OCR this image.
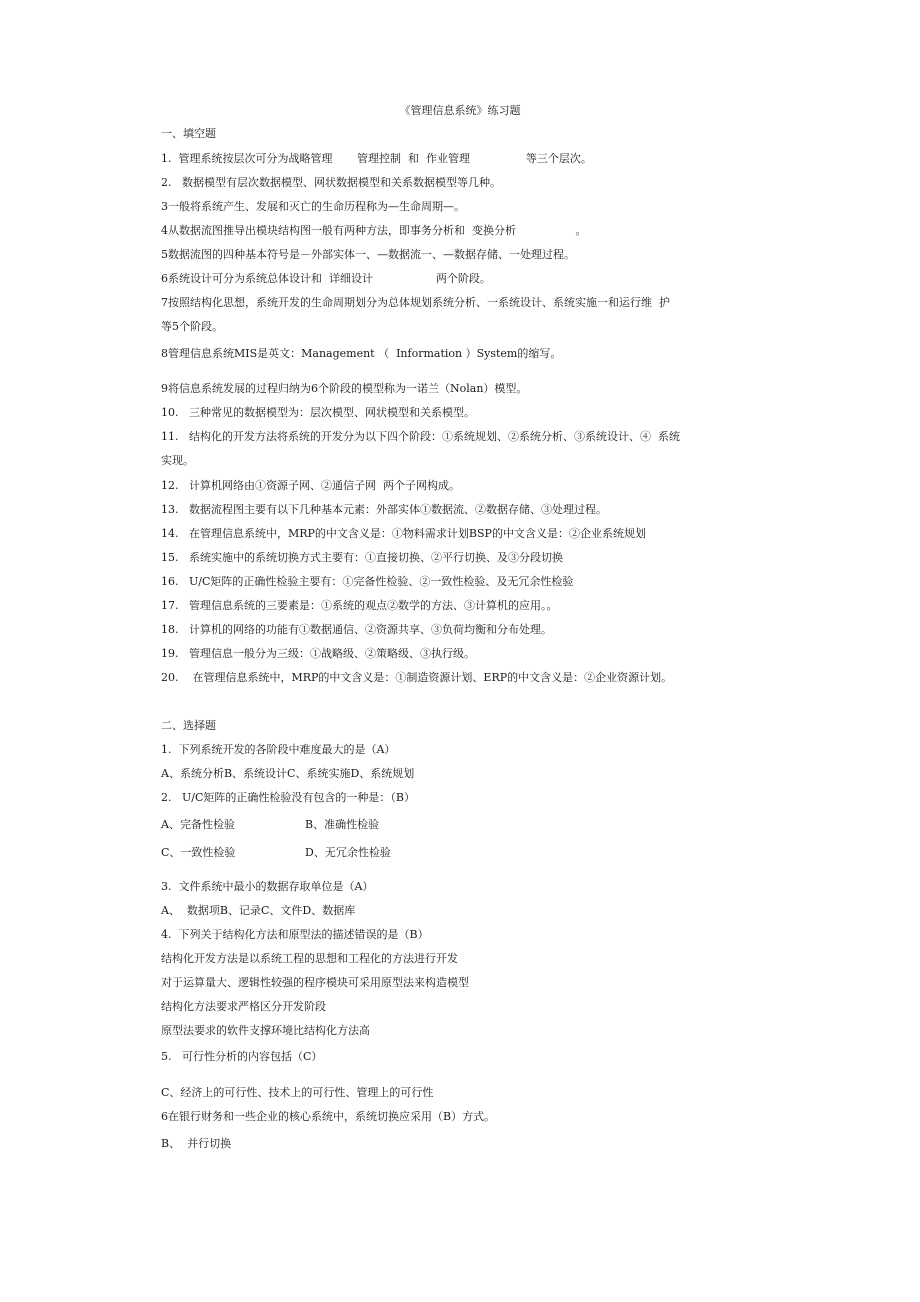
《管理信息系统》练习题
一、填空题
1.  管理系统按层次可分为战略管理       管理控制  和  作业管理                等三个层次。
2.   数据模型有层次数据模型、网状数据模型和关系数据模型等几种。
3一般将系统产生、发展和灭亡的生命历程称为—生命周期—。
4从数据流图推导出模块结构图一般有两种方法，即事务分析和  变换分析                 。
5数据流图的四种基本符号是－外部实体一、—数据流一、—数据存储、一处理过程。
6系统设计可分为系统总体设计和  详细设计                  两个阶段。
7按照结构化思想，系统开发的生命周期划分为总体规划系统分析、一系统设计、系统实施一和运行维  护
等5个阶段。
8管理信息系统MIS是英文：Management （  Information ）System的缩写。
9将信息系统发展的过程归纳为6个阶段的模型称为一诺兰（Nolan）模型。
10.   三种常见的数据模型为：层次模型、网状模型和关系模型。
11.   结构化的开发方法将系统的开发分为以下四个阶段：①系统规划、②系统分析、③系统设计、④  系统
实现。
12.   计算机网络由①资源子网、②通信子网  两个子网构成。
13.   数据流程图主要有以下几种基本元素：外部实体①数据流、②数据存储、③处理过程。
14.   在管理信息系统中，MRP的中文含义是：①物料需求计划BSP的中文含义是：②企业系统规划
15.   系统实施中的系统切换方式主要有：①直接切换、②平行切换、及③分段切换
16.   U/C矩阵的正确性检验主要有：①完备性检验、②一致性检验、及无冗余性检验
17.   管理信息系统的三要素是：①系统的观点②数学的方法、③计算机的应用。。
18.   计算机的网络的功能有①数据通信、②资源共享、③负荷均衡和分布处理。
19.   管理信息一般分为三级：①战略级、②策略级、③执行级。
20.    在管理信息系统中，MRP的中文含义是：①制造资源计划、ERP的中文含义是：②企业资源计划。
二、选择题
1.  下列系统开发的各阶段中难度最大的是（A）
A、系统分析B、系统设计C、系统实施D、系统规划
2.   U/C矩阵的正确性检验没有包含的一种是：（B）
A、完备性检验	B、准确性检验
C、一致性检验	D、无冗余性检验
3.  文件系统中最小的数据存取单位是（A）
A、  数据项B、记录C、文件D、数据库
4.  下列关于结构化方法和原型法的描述错误的是（B）
结构化开发方法是以系统工程的思想和工程化的方法进行开发
对于运算量大、逻辑性较强的程序模块可采用原型法来构造模型
结构化方法要求严格区分开发阶段
原型法要求的软件支撑环境比结构化方法高
5.   可行性分析的内容包括（C）
C、经济上的可行性、技术上的可行性、管理上的可行性
6在银行财务和一些企业的核心系统中，系统切换应采用（B）方式。
B、  并行切换
